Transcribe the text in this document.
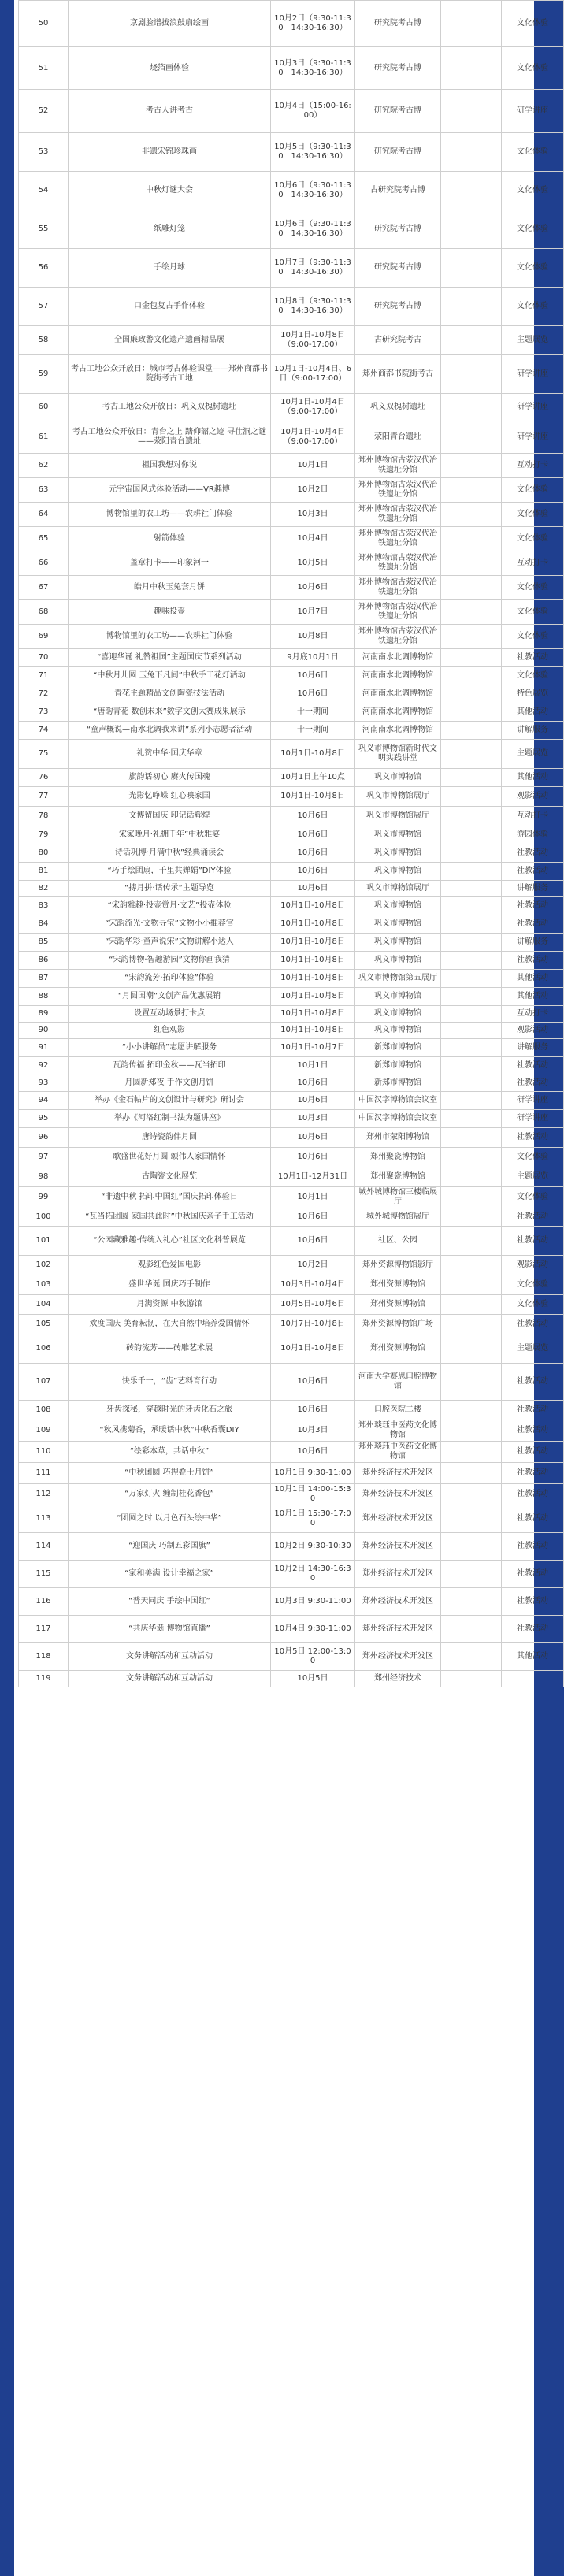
50	京剧脸谱拨浪鼓扇绘画	10月2日（9:30-11:30　14:30-16:30）	研究院考古博		文化体验
51	烧箔画体验	10月3日（9:30-11:30　14:30-16:30）	研究院考古博		文化体验
52	考古人讲考古	10月4日（15:00-16:00）	研究院考古博		研学讲座
53	非遗宋锦珍珠画	10月5日（9:30-11:30　14:30-16:30）	研究院考古博		文化体验
54	中秋灯谜大会	10月6日（9:30-11:30　14:30-16:30）	古研究院考古博		文化体验
55	纸雕灯笼	10月6日（9:30-11:30　14:30-16:30）	研究院考古博		文化体验
56	手绘月球	10月7日（9:30-11:30　14:30-16:30）	研究院考古博		文化体验
57	口金包复古手作体验	10月8日（9:30-11:30　14:30-16:30）	研究院考古博		文化体验
58	全国廉政警文化遗产遗画精品展	10月1日-10月8日（9:00-17:00）	古研究院考古		主题展览
59	考古工地公众开放日：城市考古体验课堂——郑州商都书院街考古工地	10月1日-10月4日、6日（9:00-17:00）	郑州商都书院街考古		研学讲座
60	考古工地公众开放日：巩义双槐树遗址	10月1日-10月4日（9:00-17:00）	巩义双槐树遗址		研学讲座
61	考古工地公众开放日：青台之上 踏仰韶之迹 寻仕洞之谜——荥阳青台遗址	10月1日-10月4日（9:00-17:00）	荥阳青台遗址		研学讲座
62	祖国我想对你说	10月1日	郑州博物馆古荥汉代冶铁遗址分馆		互动打卡
63	元宇宙国风式体验活动——VR趣博	10月2日	郑州博物馆古荥汉代冶铁遗址分馆		文化体验
64	博物馆里的农工坊——农耕社门体验	10月3日	郑州博物馆古荥汉代冶铁遗址分馆		文化体验
65	射箭体验	10月4日	郑州博物馆古荥汉代冶铁遗址分馆		文化体验
66	盖章打卡——印象河一	10月5日	郑州博物馆古荥汉代冶铁遗址分馆		互动打卡
67	皓月中秋玉兔套月饼	10月6日	郑州博物馆古荥汉代冶铁遗址分馆		文化体验
68	趣味投壶	10月7日	郑州博物馆古荥汉代冶铁遗址分馆		文化体验
69	博物馆里的农工坊——农耕社门体验	10月8日	郑州博物馆古荥汉代冶铁遗址分馆		文化体验
70	“喜迎华诞 礼赞祖国”主题国庆节系列活动	9月底10月1日	河南南水北调博物馆		社教活动
71	“中秋月儿圆 玉兔下凡间”中秋手工花灯活动	10月6日	河南南水北调博物馆		文化体验
72	青花主题精品文创陶瓷技法活动	10月6日	河南南水北调博物馆		特色展览
73	“唐韵青花 数创未来”数字文创大赛成果展示	十一期间	河南南水北调博物馆		其他活动
74	“童声概说—南水北调我来讲”系列小志愿者活动	十一期间	河南南水北调博物馆		讲解服务
75	礼赞中华·国庆华章	10月1日-10月8日	巩义市博物馆新时代文明实践讲堂		主题展览
76	旗韵话初心 赓火传国魂	10月1日上午10点	巩义市博物馆		其他活动
77	光影忆峥嵘 红心映家国	10月1日-10月8日	巩义市博物馆展厅		观影活动
78	文博留国庆 印记话辉煌	10月6日	巩义市博物馆展厅		互动打卡
79	宋家晚月·礼拥千年”中秋雅宴	10月6日	巩义市博物馆		游园体验
80	诗话巩博·月满中秋”经典诵读会	10月6日	巩义市博物馆		社教活动
81	“巧手绘团扇，千里共婵娟”DIY体验	10月6日	巩义市博物馆		社教活动
82	“搏月拼·话传承”主题导览	10月6日	巩义市博物馆展厅		讲解服务
83	“宋韵雅趣·投壶赏月·文艺”投壶体验	10月1日-10月8日	巩义市博物馆		社教活动
84	“宋韵流光·文物寻宝”文物小小推荐官	10月1日-10月8日	巩义市博物馆		社教活动
85	“宋韵华彩·童声说宋”文物讲解小达人	10月1日-10月8日	巩义市博物馆		讲解服务
86	“宋韵博物·智趣游园”文物你画我猜	10月1日-10月8日	巩义市博物馆		社教活动
87	“宋韵流芳·拓印体验”体验	10月1日-10月8日	巩义市博物馆第五展厅		其他活动
88	“月圆国潮”文创产品优惠展销	10月1日-10月8日	巩义市博物馆		其他活动
89	设置互动场景打卡点	10月1日-10月8日	巩义市博物馆		互动打卡
90	红色观影	10月1日-10月8日	巩义市博物馆		观影活动
91	“小小讲解员”志愿讲解服务	10月1日-10月7日	新郑市博物馆		讲解服务
92	瓦韵传福 拓印金秋——瓦当拓印	10月1日	新郑市博物馆		社教活动
93	月圆新郑夜 手作文创月饼	10月6日	新郑市博物馆		社教活动
94	举办《金石帖片的文创设计与研究》研讨会	10月6日	中国汉字博物馆会议室		研学讲座
95	举办《河洛红制书法为题讲座》	10月3日	中国汉字博物馆会议室		研学讲座
96	唐诗瓷韵伴月圆	10月6日	郑州市荥阳博物馆		社教活动
97	歌盛世花好月圆 颂伟人家国情怀	10月6日	郑州聚瓷博物馆		文化体验
98	古陶瓷文化展览	10月1日-12月31日	郑州聚瓷博物馆		主题展览
99	“非遗中秋 拓印中国红”国庆拓印体验日	10月1日	城外城博物馆三楼临展厅		文化体验
100	“瓦当拓团圆 家国共此时”中秋国庆亲子手工活动	10月6日	城外城博物馆展厅		社教活动
101	“公园藏雅趣·传统入礼心”社区文化科普展览	10月6日	社区、公园		社教活动
102	观影红色爱国电影	10月2日	郑州资源博物馆影厅		观影活动
103	盛世华诞 国庆巧手制作	10月3日-10月4日	郑州资源博物馆		文化体验
104	月满资源 中秋游馆	10月5日-10月6日	郑州资源博物馆		文化体验
105	欢度国庆 美育耘韧，在大自然中培养爱国情怀	10月7日-10月8日	郑州资源博物馆广场		社教活动
106	砖韵流芳——砖雕艺术展	10月1日-10月8日	郑州资源博物馆		主题展览
107	快乐千一，“齿”艺料育行动	10月6日	河南大学赛思口腔博物馆		社教活动
108	牙齿探秘，穿越时光的牙齿化石之旅	10月6日	口腔医院二楼		社教活动
109	“秋风携菊香，承暖话中秋”中秋香囊DIY	10月3日	郑州琰珏中医药文化博物馆		社教活动
110	“绘彩本草，共话中秋”	10月6日	郑州琰珏中医药文化博物馆		社教活动
111	“中秋团圆 巧捏叠士月饼”	10月1日 9:30-11:00	郑州经济技术开发区		社教活动
112	“万家灯火 缠制桂花香包”	10月1日 14:00-15:30	郑州经济技术开发区		社教活动
113	“团圆之时 以月色石头绘中华”	10月1日 15:30-17:00	郑州经济技术开发区		社教活动
114	“迎国庆 巧制五彩国旗”	10月2日 9:30-10:30	郑州经济技术开发区		社教活动
115	“家和美满 设计幸福之家”	10月2日 14:30-16:30	郑州经济技术开发区		社教活动
116	“普天同庆 手绘中国红”	10月3日 9:30-11:00	郑州经济技术开发区		社教活动
117	“共庆华诞 博物馆直播”	10月4日 9:30-11:00	郑州经济技术开发区		社教活动
118	文务讲解活动和互动活动	10月5日 12:00-13:00	郑州经济技术开发区		其他活动
119	文务讲解活动和互动活动	10月5日	郑州经济技术		
